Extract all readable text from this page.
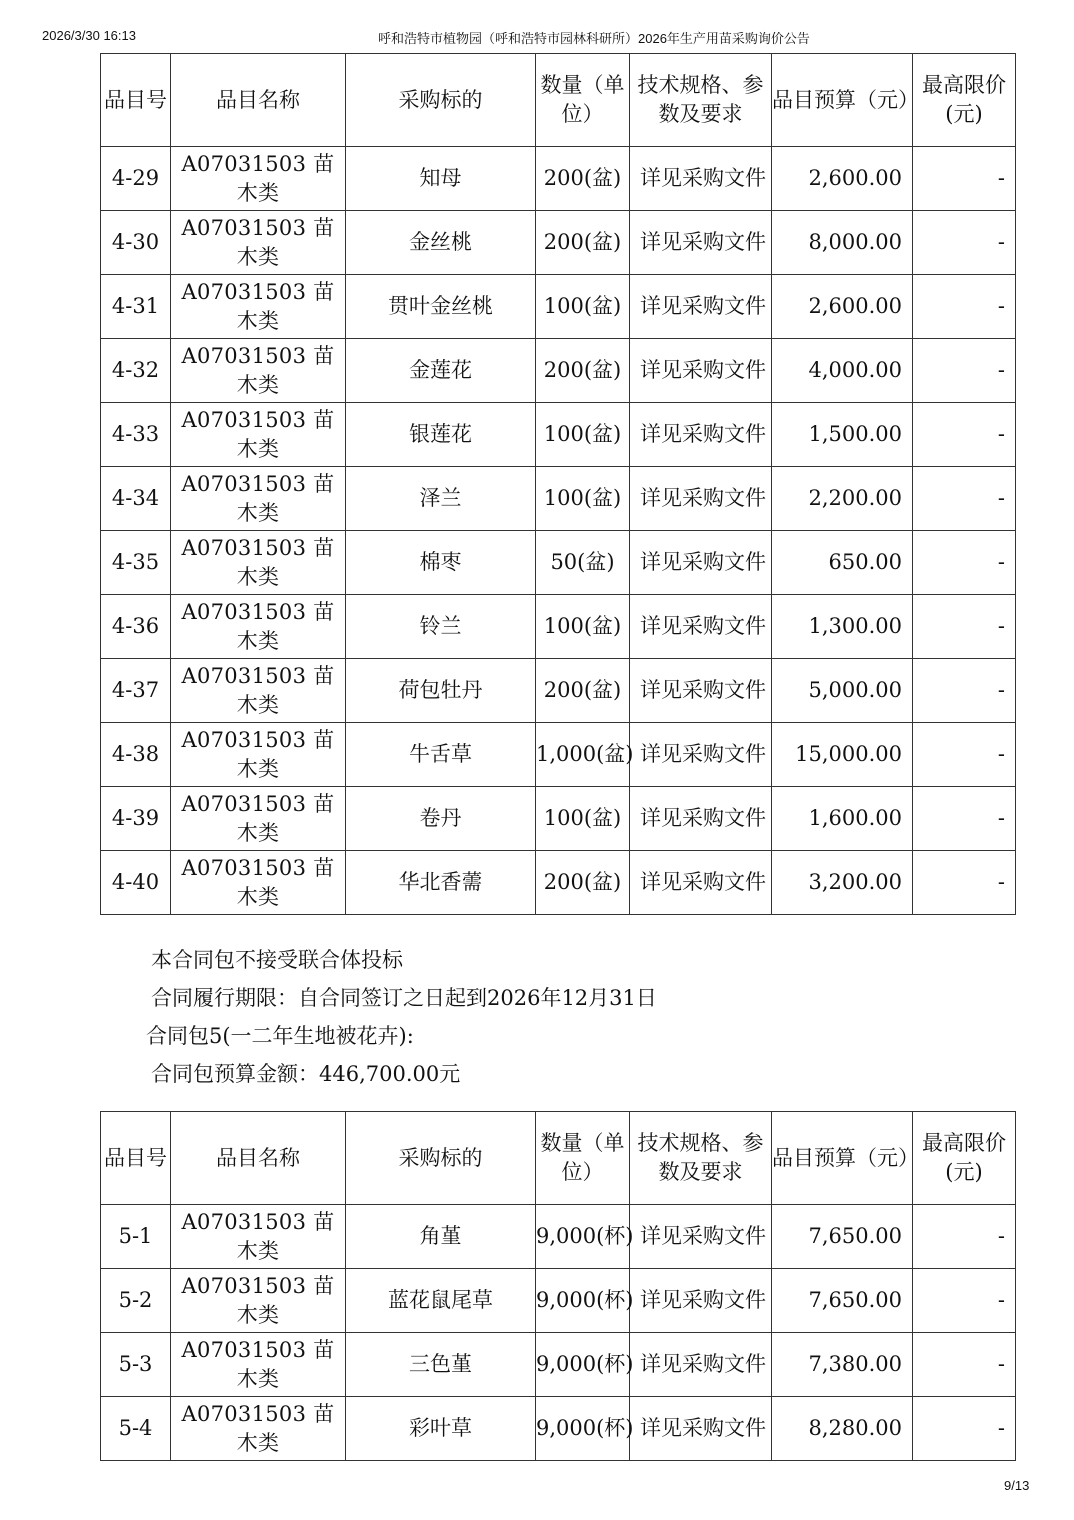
2026/3/30 16:13	呼和浩特市植物园（呼和浩特市园林科研所）2026年生产用苗采购询价公告
品目号	品目名称	采购标的	数量（单位）	技术规格、参数及要求	品目预算（元）	最高限价(元)
4-29	A07031503 苗木类	知母	200(盆)	详见采购文件	2,600.00	-
4-30	A07031503 苗木类	金丝桃	200(盆)	详见采购文件	8,000.00	-
4-31	A07031503 苗木类	贯叶金丝桃	100(盆)	详见采购文件	2,600.00	-
4-32	A07031503 苗木类	金莲花	200(盆)	详见采购文件	4,000.00	-
4-33	A07031503 苗木类	银莲花	100(盆)	详见采购文件	1,500.00	-
4-34	A07031503 苗木类	泽兰	100(盆)	详见采购文件	2,200.00	-
4-35	A07031503 苗木类	棉枣	50(盆)	详见采购文件	650.00	-
4-36	A07031503 苗木类	铃兰	100(盆)	详见采购文件	1,300.00	-
4-37	A07031503 苗木类	荷包牡丹	200(盆)	详见采购文件	5,000.00	-
4-38	A07031503 苗木类	牛舌草	1,000(盆)	详见采购文件	15,000.00	-
4-39	A07031503 苗木类	卷丹	100(盆)	详见采购文件	1,600.00	-
4-40	A07031503 苗木类	华北香薷	200(盆)	详见采购文件	3,200.00	-
本合同包不接受联合体投标
合同履行期限：自合同签订之日起到2026年12月31日
合同包5(一二年生地被花卉):
合同包预算金额：446,700.00元
品目号	品目名称	采购标的	数量（单位）	技术规格、参数及要求	品目预算（元）	最高限价(元)
5-1	A07031503 苗木类	角堇	9,000(杯)	详见采购文件	7,650.00	-
5-2	A07031503 苗木类	蓝花鼠尾草	9,000(杯)	详见采购文件	7,650.00	-
5-3	A07031503 苗木类	三色堇	9,000(杯)	详见采购文件	7,380.00	-
5-4	A07031503 苗木类	彩叶草	9,000(杯)	详见采购文件	8,280.00	-
9/13
